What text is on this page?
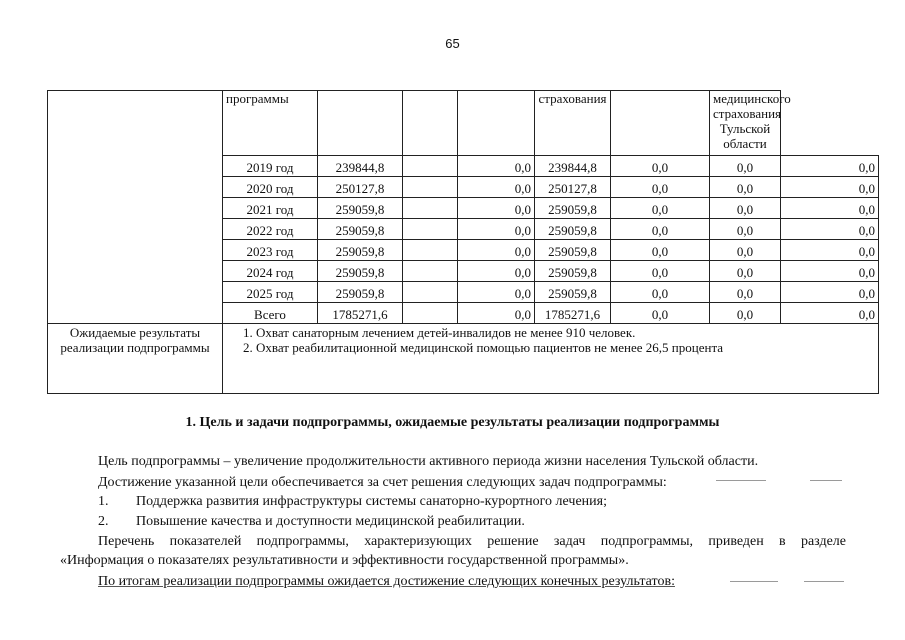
65
	программы				страхования		медицинского страхования Тульской области	
	2019 год	239844,8		0,0	239844,8	0,0	0,0	0,0
	2020 год	250127,8		0,0	250127,8	0,0	0,0	0,0
	2021 год	259059,8		0,0	259059,8	0,0	0,0	0,0
	2022 год	259059,8		0,0	259059,8	0,0	0,0	0,0
	2023 год	259059,8		0,0	259059,8	0,0	0,0	0,0
	2024 год	259059,8		0,0	259059,8	0,0	0,0	0,0
	2025 год	259059,8		0,0	259059,8	0,0	0,0	0,0
	Всего	1785271,6		0,0	1785271,6	0,0	0,0	0,0
Ожидаемые результаты реализации подпрограммы	1. Охват санаторным лечением детей-инвалидов не менее 910 человек.
2. Охват реабилитационной медицинской помощью пациентов не менее 26,5 процента							
1. Цель и задачи подпрограммы, ожидаемые результаты реализации подпрограммы
Цель подпрограммы – увеличение продолжительности активного периода жизни населения Тульской области.
Достижение указанной цели обеспечивается за счет решения следующих задач подпрограммы:
1. Поддержка развития инфраструктуры системы санаторно-курортного лечения;
2. Повышение качества и доступности медицинской реабилитации.
Перечень показателей подпрограммы, характеризующих решение задач подпрограммы, приведен в разделе
«Информация о показателях результативности и эффективности государственной программы».
По итогам реализации подпрограммы ожидается достижение следующих конечных результатов:
